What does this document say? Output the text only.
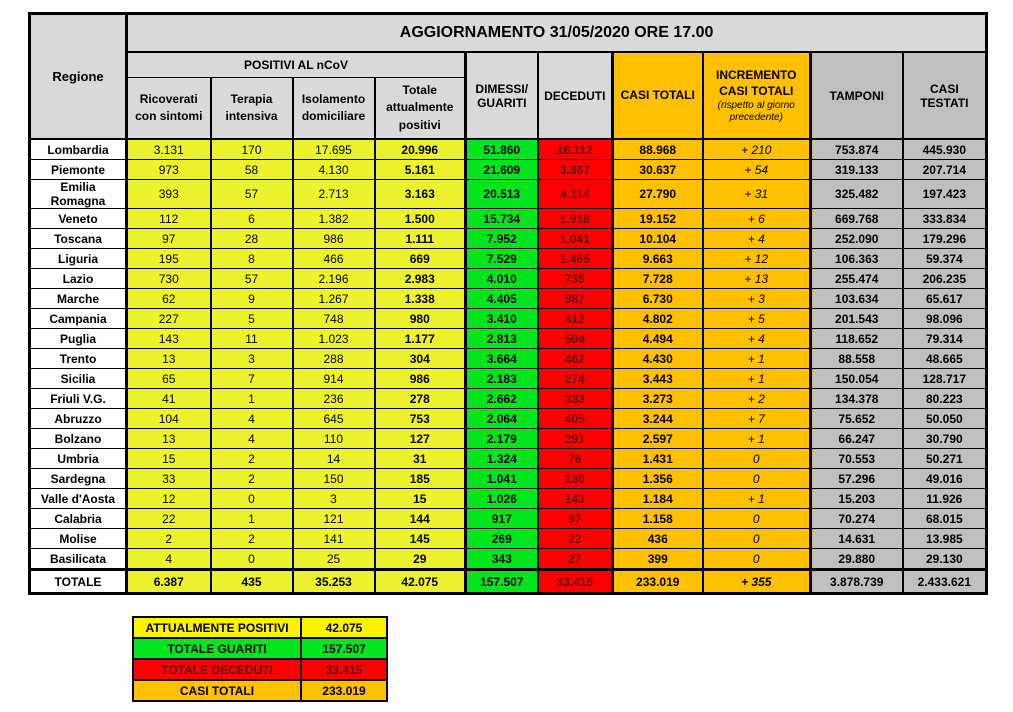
Regione	AGGIORNAMENTO 31/05/2020 ORE 17.00									
	POSITIVI AL nCoV				DIMESSI/ GUARITI	DECEDUTI	CASI TOTALI	INCREMENTO CASI TOTALI
(rispetto al giorno precedente)	TAMPONI	CASI TESTATI
	Ricoverati con sintomi	Terapia intensiva	Isolamento domiciliare	Totale attualmente positivi						
Lombardia	3.131	170	17.695	20.996	51.860	16.112	88.968	+ 210	753.874	445.930
Piemonte	973	58	4.130	5.161	21.609	3.867	30.637	+ 54	319.133	207.714
Emilia Romagna	393	57	2.713	3.163	20.513	4.114	27.790	+ 31	325.482	197.423
Veneto	112	6	1.382	1.500	15.734	1.918	19.152	+ 6	669.768	333.834
Toscana	97	28	986	1.111	7.952	1.041	10.104	+ 4	252.090	179.296
Liguria	195	8	466	669	7.529	1.465	9.663	+ 12	106.363	59.374
Lazio	730	57	2.196	2.983	4.010	735	7.728	+ 13	255.474	206.235
Marche	62	9	1.267	1.338	4.405	987	6.730	+ 3	103.634	65.617
Campania	227	5	748	980	3.410	412	4.802	+ 5	201.543	98.096
Puglia	143	11	1.023	1.177	2.813	504	4.494	+ 4	118.652	79.314
Trento	13	3	288	304	3.664	462	4.430	+ 1	88.558	48.665
Sicilia	65	7	914	986	2.183	274	3.443	+ 1	150.054	128.717
Friuli V.G.	41	1	236	278	2.662	333	3.273	+ 2	134.378	80.223
Abruzzo	104	4	645	753	2.064	405	3.244	+ 7	75.652	50.050
Bolzano	13	4	110	127	2.179	291	2.597	+ 1	66.247	30.790
Umbria	15	2	14	31	1.324	76	1.431	0	70.553	50.271
Sardegna	33	2	150	185	1.041	130	1.356	0	57.296	49.016
Valle d'Aosta	12	0	3	15	1.026	143	1.184	+ 1	15.203	11.926
Calabria	22	1	121	144	917	97	1.158	0	70.274	68.015
Molise	2	2	141	145	269	22	436	0	14.631	13.985
Basilicata	4	0	25	29	343	27	399	0	29.880	29.130
TOTALE	6.387	435	35.253	42.075	157.507	33.415	233.019	+ 355	3.878.739	2.433.621
ATTUALMENTE POSITIVI	42.075
TOTALE GUARITI	157.507
TOTALE DECEDUTI	33.415
CASI TOTALI	233.019
